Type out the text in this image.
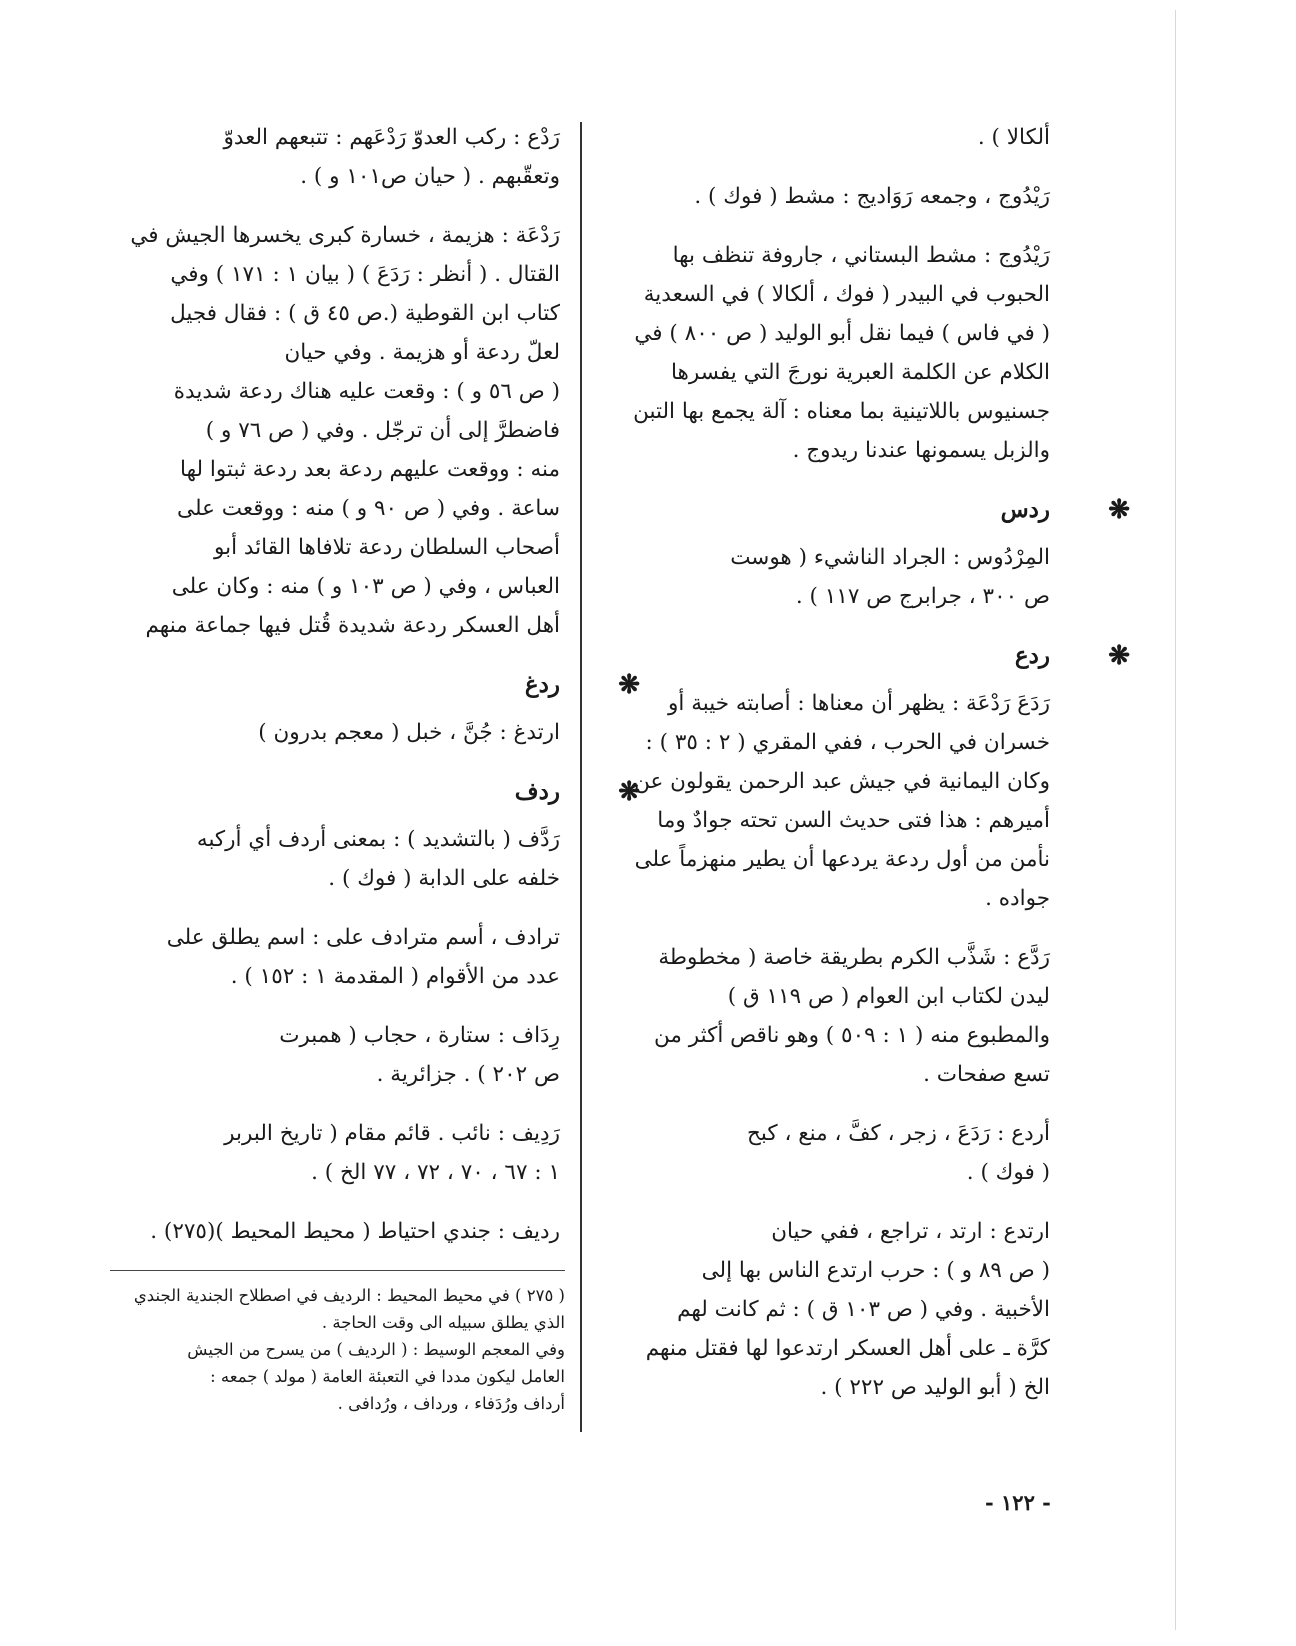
ألكالا ) .

رَيْدُوج ، وجمعه رَوَاديج : مشط ( فوك ) .

رَيْدُوج : مشط البستاني ، جاروفة تنظف بها
الحبوب في البيدر ( فوك ، ألكالا ) في السعدية
( في فاس ) فيما نقل أبو الوليد ( ص ٨٠٠ ) في
الكلام عن الكلمة العبرية نورجَ التي يفسرها
جسنيوس باللاتينية بما معناه : آلة يجمع بها التبن
والزبل يسمونها عندنا ريدوج .

❋
ردس

المِرْدُوس : الجراد الناشيء ( هوست
ص ٣٠٠ ، جرابرج ص ١١٧ ) .

❋
ردع

رَدَعَ رَدْعَة : يظهر أن معناها : أصابته خيبة أو
خسران في الحرب ، ففي المقري ( ٢ : ٣٥ ) :
وكان اليمانية في جيش عبد الرحمن يقولون عن
أميرهم : هذا فتى حديث السن تحته جوادٌ وما
نأمن من أول ردعة يردعها أن يطير منهزماً على
جواده .

رَدَّع : شَذَّب الكرم بطريقة خاصة ( مخطوطة
ليدن لكتاب ابن العوام ( ص ١١٩ ق )
والمطبوع منه ( ١ : ٥٠٩ ) وهو ناقص أكثر من
تسع صفحات .

أردع : رَدَعَ ، زجر ، كفَّ ، منع ، كبح
( فوك ) .

ارتدع : ارتد ، تراجع ، ففي حيان
( ص ٨٩ و ) : حرب ارتدع الناس بها إلى
الأخبية . وفي ( ص ١٠٣ ق ) : ثم كانت لهم
كرَّة ـ على أهل العسكر ارتدعوا لها فقتل منهم
الخ ( أبو الوليد ص ٢٢٢ ) .

رَدْع : ركب العدوّ رَدْعَهم : تتبعهم العدوّ
وتعقّبهم . ( حيان ص١٠١ و ) .

رَدْعَة : هزيمة ، خسارة كبرى يخسرها الجيش في
القتال . ( أنظر : رَدَعَ ) ( بيان ١ : ١٧١ ) وفي
كتاب ابن القوطية (.ص ٤٥ ق ) : فقال فجيل
لعلّ ردعة أو هزيمة . وفي حيان
( ص ٥٦ و ) : وقعت عليه هناك ردعة شديدة
فاضطرَّ إلى أن ترجّل . وفي ( ص ٧٦ و )
منه : ووقعت عليهم ردعة بعد ردعة ثبتوا لها
ساعة . وفي ( ص ٩٠ و ) منه : ووقعت على
أصحاب السلطان ردعة تلافاها القائد أبو
العباس ، وفي ( ص ١٠٣ و ) منه : وكان على
أهل العسكر ردعة شديدة قُتل فيها جماعة منهم

❋
ردغ

ارتدغ : جُنَّ ، خبل ( معجم بدرون )

❋
ردف

رَدَّف ( بالتشديد ) : بمعنى أردف أي أركبه
خلفه على الدابة ( فوك ) .

ترادف ، أسم مترادف على : اسم يطلق على
عدد من الأقوام ( المقدمة ١ : ١٥٢ ) .

رِدَاف : ستارة ، حجاب ( همبرت
ص ٢٠٢ ) . جزائرية .

رَدِيف : نائب . قائم مقام ( تاريخ البربر
١ : ٦٧ ، ٧٠ ، ٧٢ ، ٧٧ الخ ) .

رديف : جندي احتياط ( محيط المحيط )(٢٧٥) .

( ٢٧٥ ) في محيط المحيط : الرديف في اصطلاح الجندية الجندي
الذي يطلق سبيله الى وقت الحاجة .
وفي المعجم الوسيط : ( الرديف ) من يسرح من الجيش
العامل ليكون مددا في التعبئة العامة ( مولد ) جمعه :
أرداف ورُدَفاء ، ورداف ، ورُدافى .
- ١٢٢ -
